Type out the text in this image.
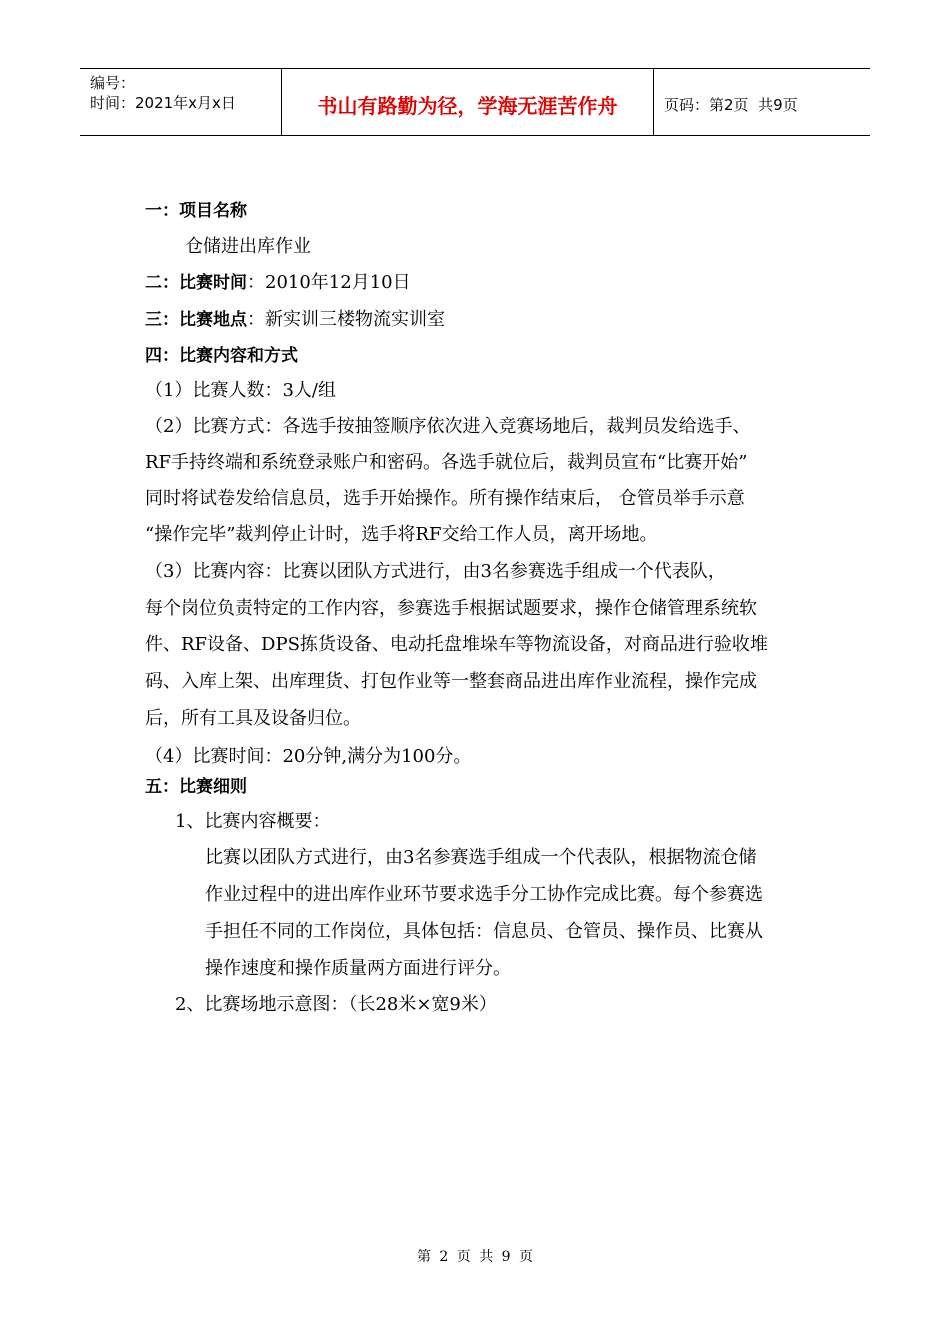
编号：
时间：2021年x月x日	书山有路勤为径，学海无涯苦作舟	页码：第2页  共9页
一：项目名称
仓储进出库作业
二：比赛时间：2010年12月10日
三：比赛地点：新实训三楼物流实训室
四：比赛内容和方式
（1）比赛人数：3人/组
（2）比赛方式：各选手按抽签顺序依次进入竞赛场地后，裁判员发给选手、
RF手持终端和系统登录账户和密码。各选手就位后，裁判员宣布“比赛开始”
同时将试卷发给信息员，选手开始操作。所有操作结束后， 仓管员举手示意
“操作完毕”裁判停止计时，选手将RF交给工作人员，离开场地。
（3）比赛内容：比赛以团队方式进行，由3名参赛选手组成一个代表队，
每个岗位负责特定的工作内容，参赛选手根据试题要求，操作仓储管理系统软
件、RF设备、DPS拣货设备、电动托盘堆垛车等物流设备，对商品进行验收堆
码、入库上架、出库理货、打包作业等一整套商品进出库作业流程，操作完成
后，所有工具及设备归位。
（4）比赛时间：20分钟,满分为100分。
五：比赛细则
1、比赛内容概要：
比赛以团队方式进行，由3名参赛选手组成一个代表队，根据物流仓储
作业过程中的进出库作业环节要求选手分工协作完成比赛。每个参赛选
手担任不同的工作岗位，具体包括：信息员、仓管员、操作员、比赛从
操作速度和操作质量两方面进行评分。
2、比赛场地示意图：（长28米×宽9米）
第 2 页 共 9 页
